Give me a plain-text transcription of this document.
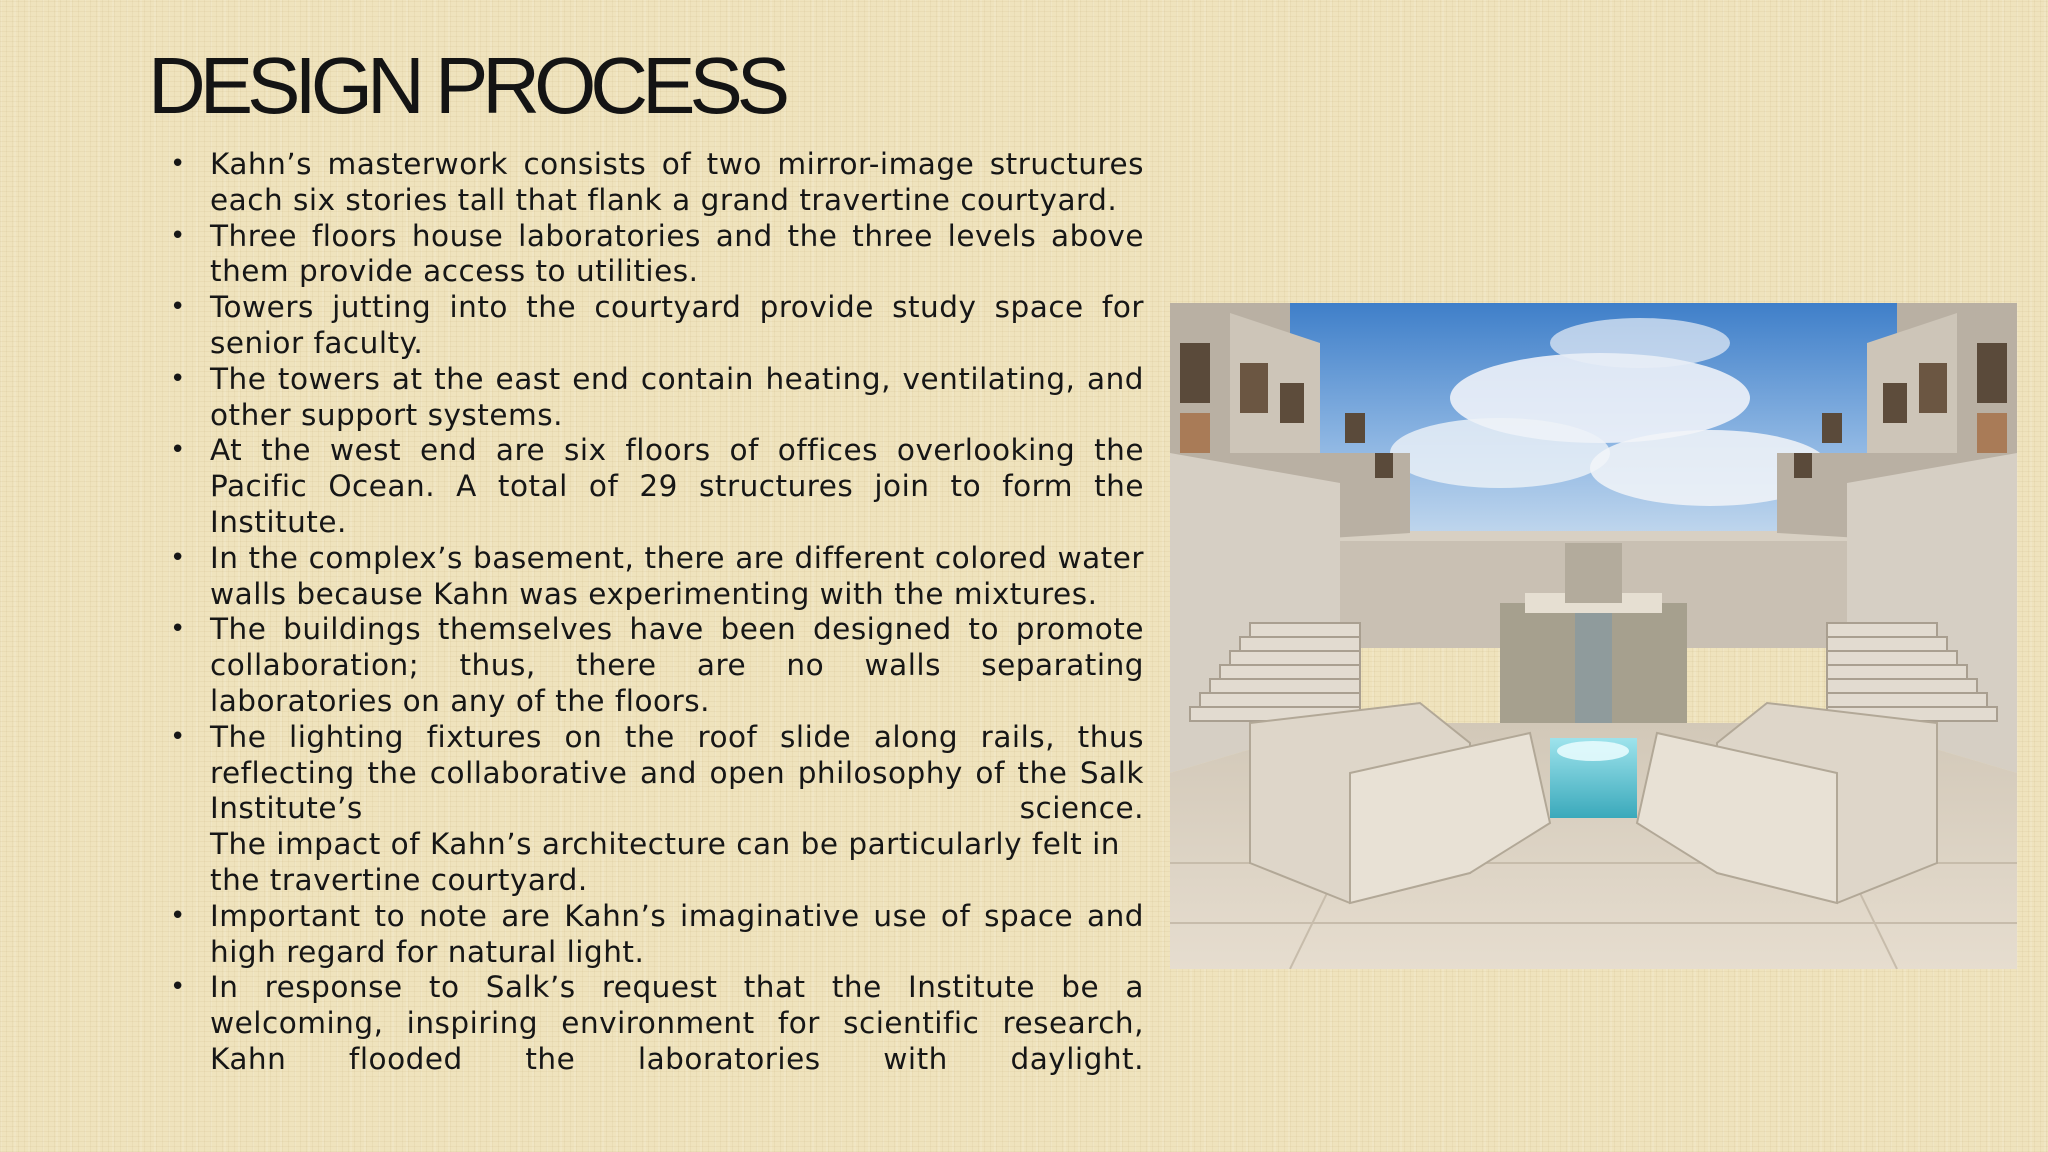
DESIGN PROCESS
• Kahn’s masterwork consists of two mirror-image structures each six stories tall that flank a grand travertine courtyard.
• Three floors house laboratories and the three levels above them provide access to utilities.
• Towers jutting into the courtyard provide study space for senior faculty.
• The towers at the east end contain heating, ventilating, and other support systems.
• At the west end are six floors of offices overlooking the Pacific Ocean. A total of 29 structures join to form the Institute.
• In the complex’s basement, there are different colored water walls because Kahn was experimenting with the mixtures.
• The buildings themselves have been designed to promote collaboration; thus, there are no walls separating laboratories on any of the floors.
• The lighting fixtures on the roof slide along rails, thus reflecting the collaborative and open philosophy of the Salk Institute’s science.
The impact of Kahn’s architecture can be particularly felt in the travertine courtyard.
• Important to note are Kahn’s imaginative use of space and high regard for natural light.
• In response to Salk’s request that the Institute be a welcoming, inspiring environment for scientific research, Kahn flooded the laboratories with daylight.
